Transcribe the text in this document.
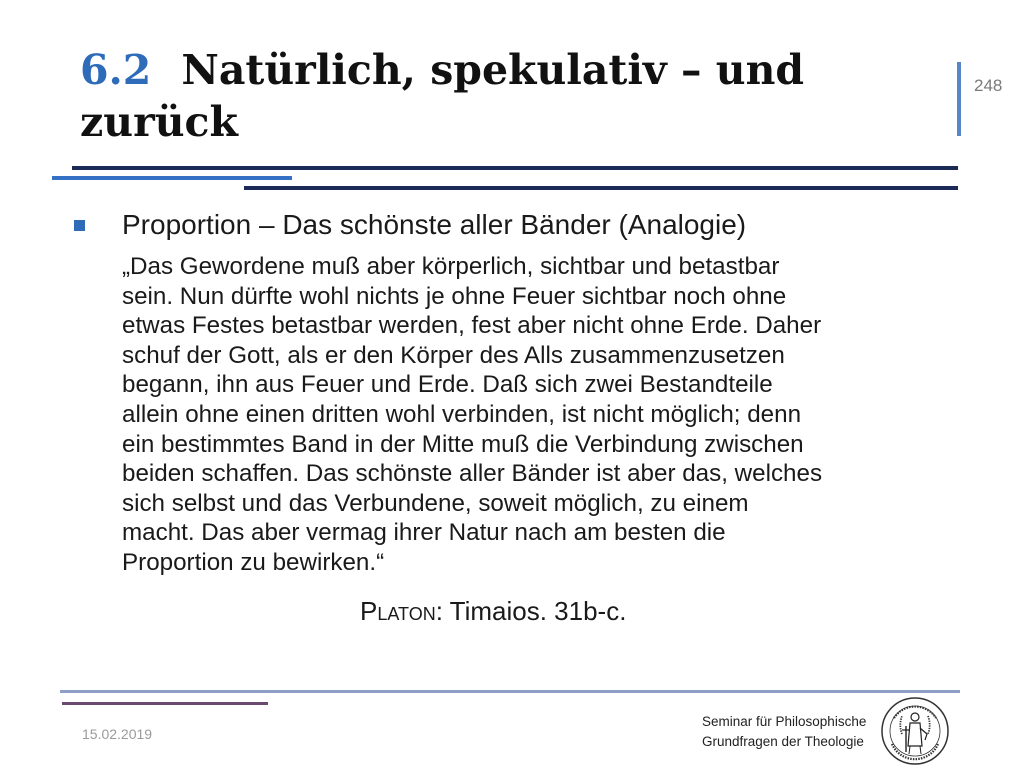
6.2 Natürlich, spekulativ – und zurück
248
Proportion – Das schönste aller Bänder (Analogie)
„Das Gewordene muß aber körperlich, sichtbar und betastbar
sein. Nun dürfte wohl nichts je ohne Feuer sichtbar noch ohne
etwas Festes betastbar werden, fest aber nicht ohne Erde. Daher
schuf der Gott, als er den Körper des Alls zusammenzusetzen
begann, ihn aus Feuer und Erde. Daß sich zwei Bestandteile
allein ohne einen dritten wohl verbinden, ist nicht möglich; denn
ein bestimmtes Band in der Mitte muß die Verbindung zwischen
beiden schaffen. Das schönste aller Bänder ist aber das, welches
sich selbst und das Verbundene, soweit möglich, zu einem
macht. Das aber vermag ihrer Natur nach am besten die
Proportion zu bewirken.“
Platon: Timaios. 31b-c.
15.02.2019
Seminar für Philosophische
Grundfragen der Theologie
